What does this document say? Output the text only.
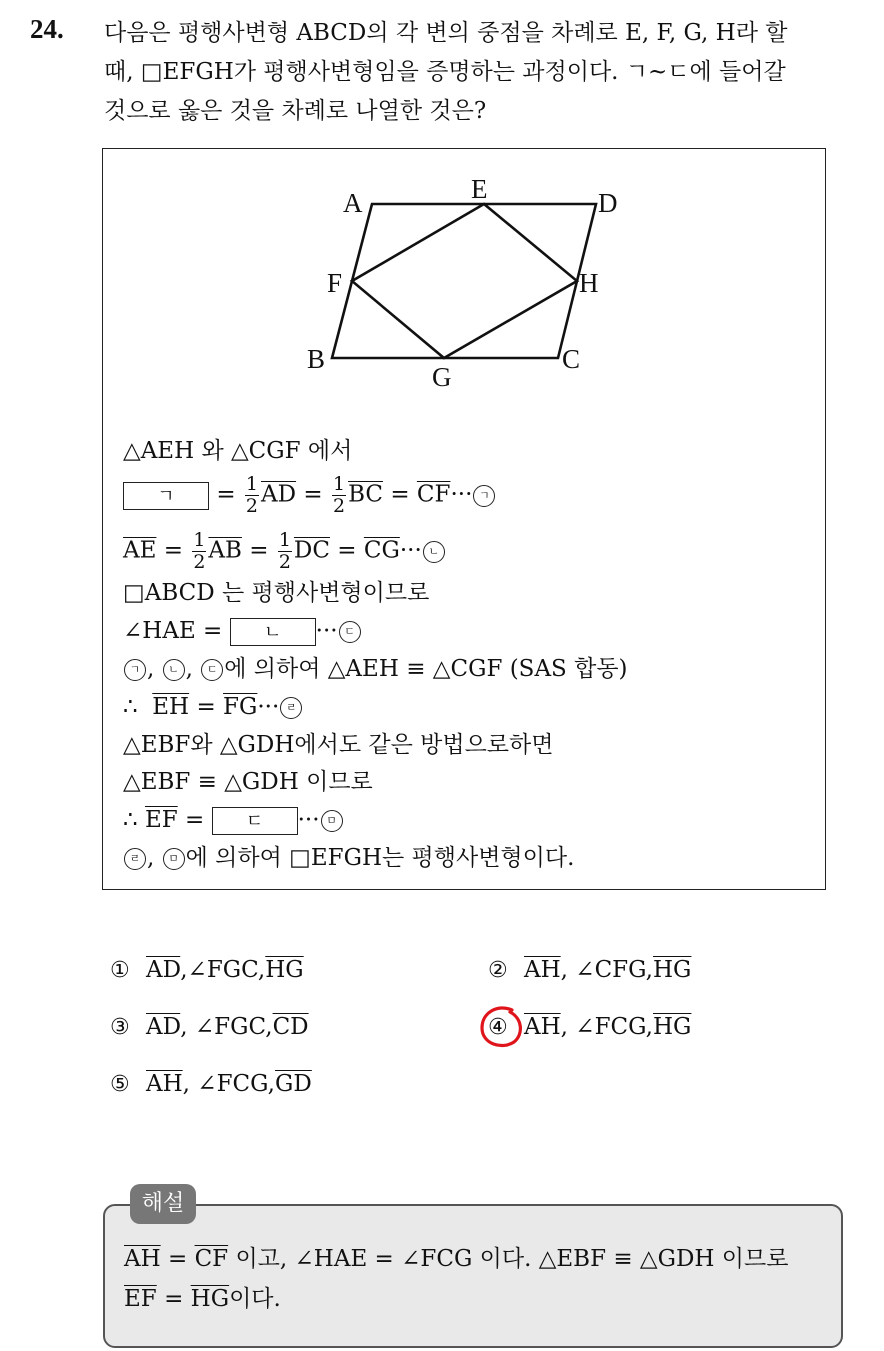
24. 다음은 평행사변형 ABCD의 각 변의 중점을 차례로 E, F, G, H라 할
때, □EFGH가 평행사변형임을 증명하는 과정이다. ㄱ~ㄷ에 들어갈
것으로 옳은 것을 차례로 나열한 것은?
A	E	D
F	H
B	C
G
△AEH 와 △CGF 에서
ㄱ = $\frac{1}{2} \overline{AD} = \frac{1}{2} \overline{BC} = \overline{CF}\cdot\cdot\cdot$ ㄱ
$\overline{AE} = \frac{1}{2} \overline{AB} = \frac{1}{2} \overline{DC} = \overline{CG}\cdot\cdot\cdot$ ㄴ
□ABCD 는 평행사변형이므로
∠HAE = ㄴ ··· ㄷ
ㄱ , ㄴ , ㄷ 에 의하여 △AEH ≡ △CGF (SAS 합동)
∴ $\overline{EH} = \overline{FG}\cdot\cdot\cdot$ ㄹ
△EBF와 △GDH에서도 같은 방법으로하면
△EBF ≡ △GDH 이므로
∴ $\overline{EF}$ = ㄷ ··· ㅁ
ㄹ , ㅁ 에 의하여 □EFGH는 평행사변형이다.
① $\overline{AD},\angle FGC,\overline{HG}$	② $\overline{AH}$, $\angle CFG,\overline{HG}$
③ $\overline{AD}$, $\angle FGC,\overline{CD}$	④ $\overline{AH}$, $\angle FCG,\overline{HG}$
⑤ $\overline{AH}$, $\angle FCG,\overline{GD}$
해설
$\overline{AH} = \overline{CF}$ 이고, ∠HAE = ∠FCG 이다. △EBF ≡ △GDH 이므로
$\overline{EF} = \overline{HG}$이다.
